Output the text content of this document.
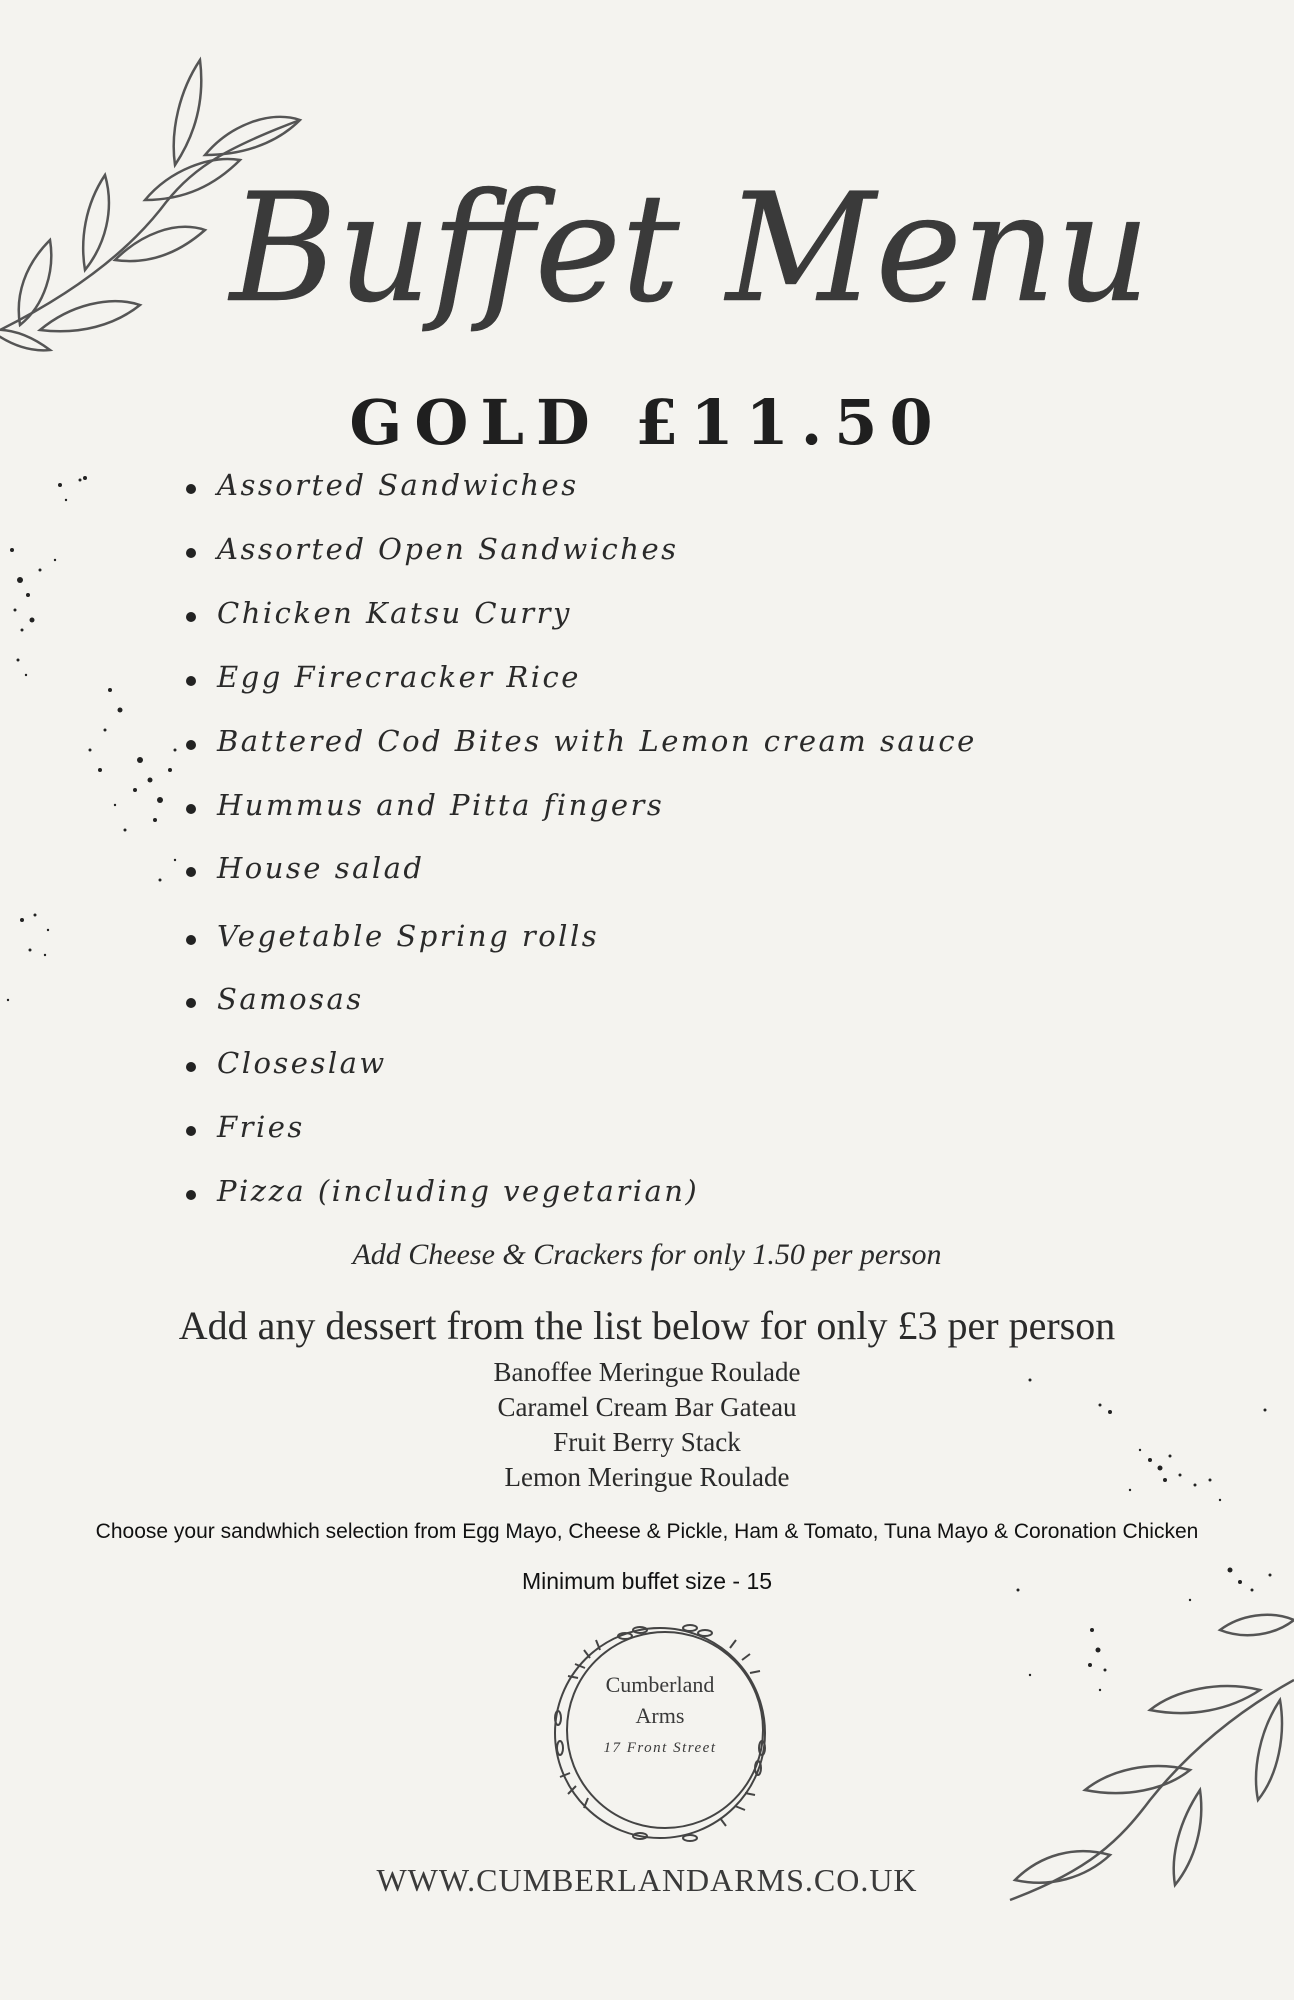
Buffet Menu
GOLD £11.50
Assorted Sandwiches
Assorted Open Sandwiches
Chicken Katsu Curry
Egg Firecracker Rice
Battered Cod Bites with Lemon cream sauce
Hummus and Pitta fingers
House salad
Vegetable Spring rolls
Samosas
Closeslaw
Fries
Pizza (including vegetarian)
Add Cheese & Crackers for only 1.50 per person
Add any dessert from the list below for only £3 per person
Banoffee Meringue Roulade
Caramel Cream Bar Gateau
Fruit Berry Stack
Lemon Meringue Roulade
Choose your sandwhich selection from Egg Mayo, Cheese & Pickle, Ham & Tomato, Tuna Mayo & Coronation Chicken
Minimum buffet size - 15
Cumberland
Arms
17 Front Street
WWW.CUMBERLANDARMS.CO.UK
